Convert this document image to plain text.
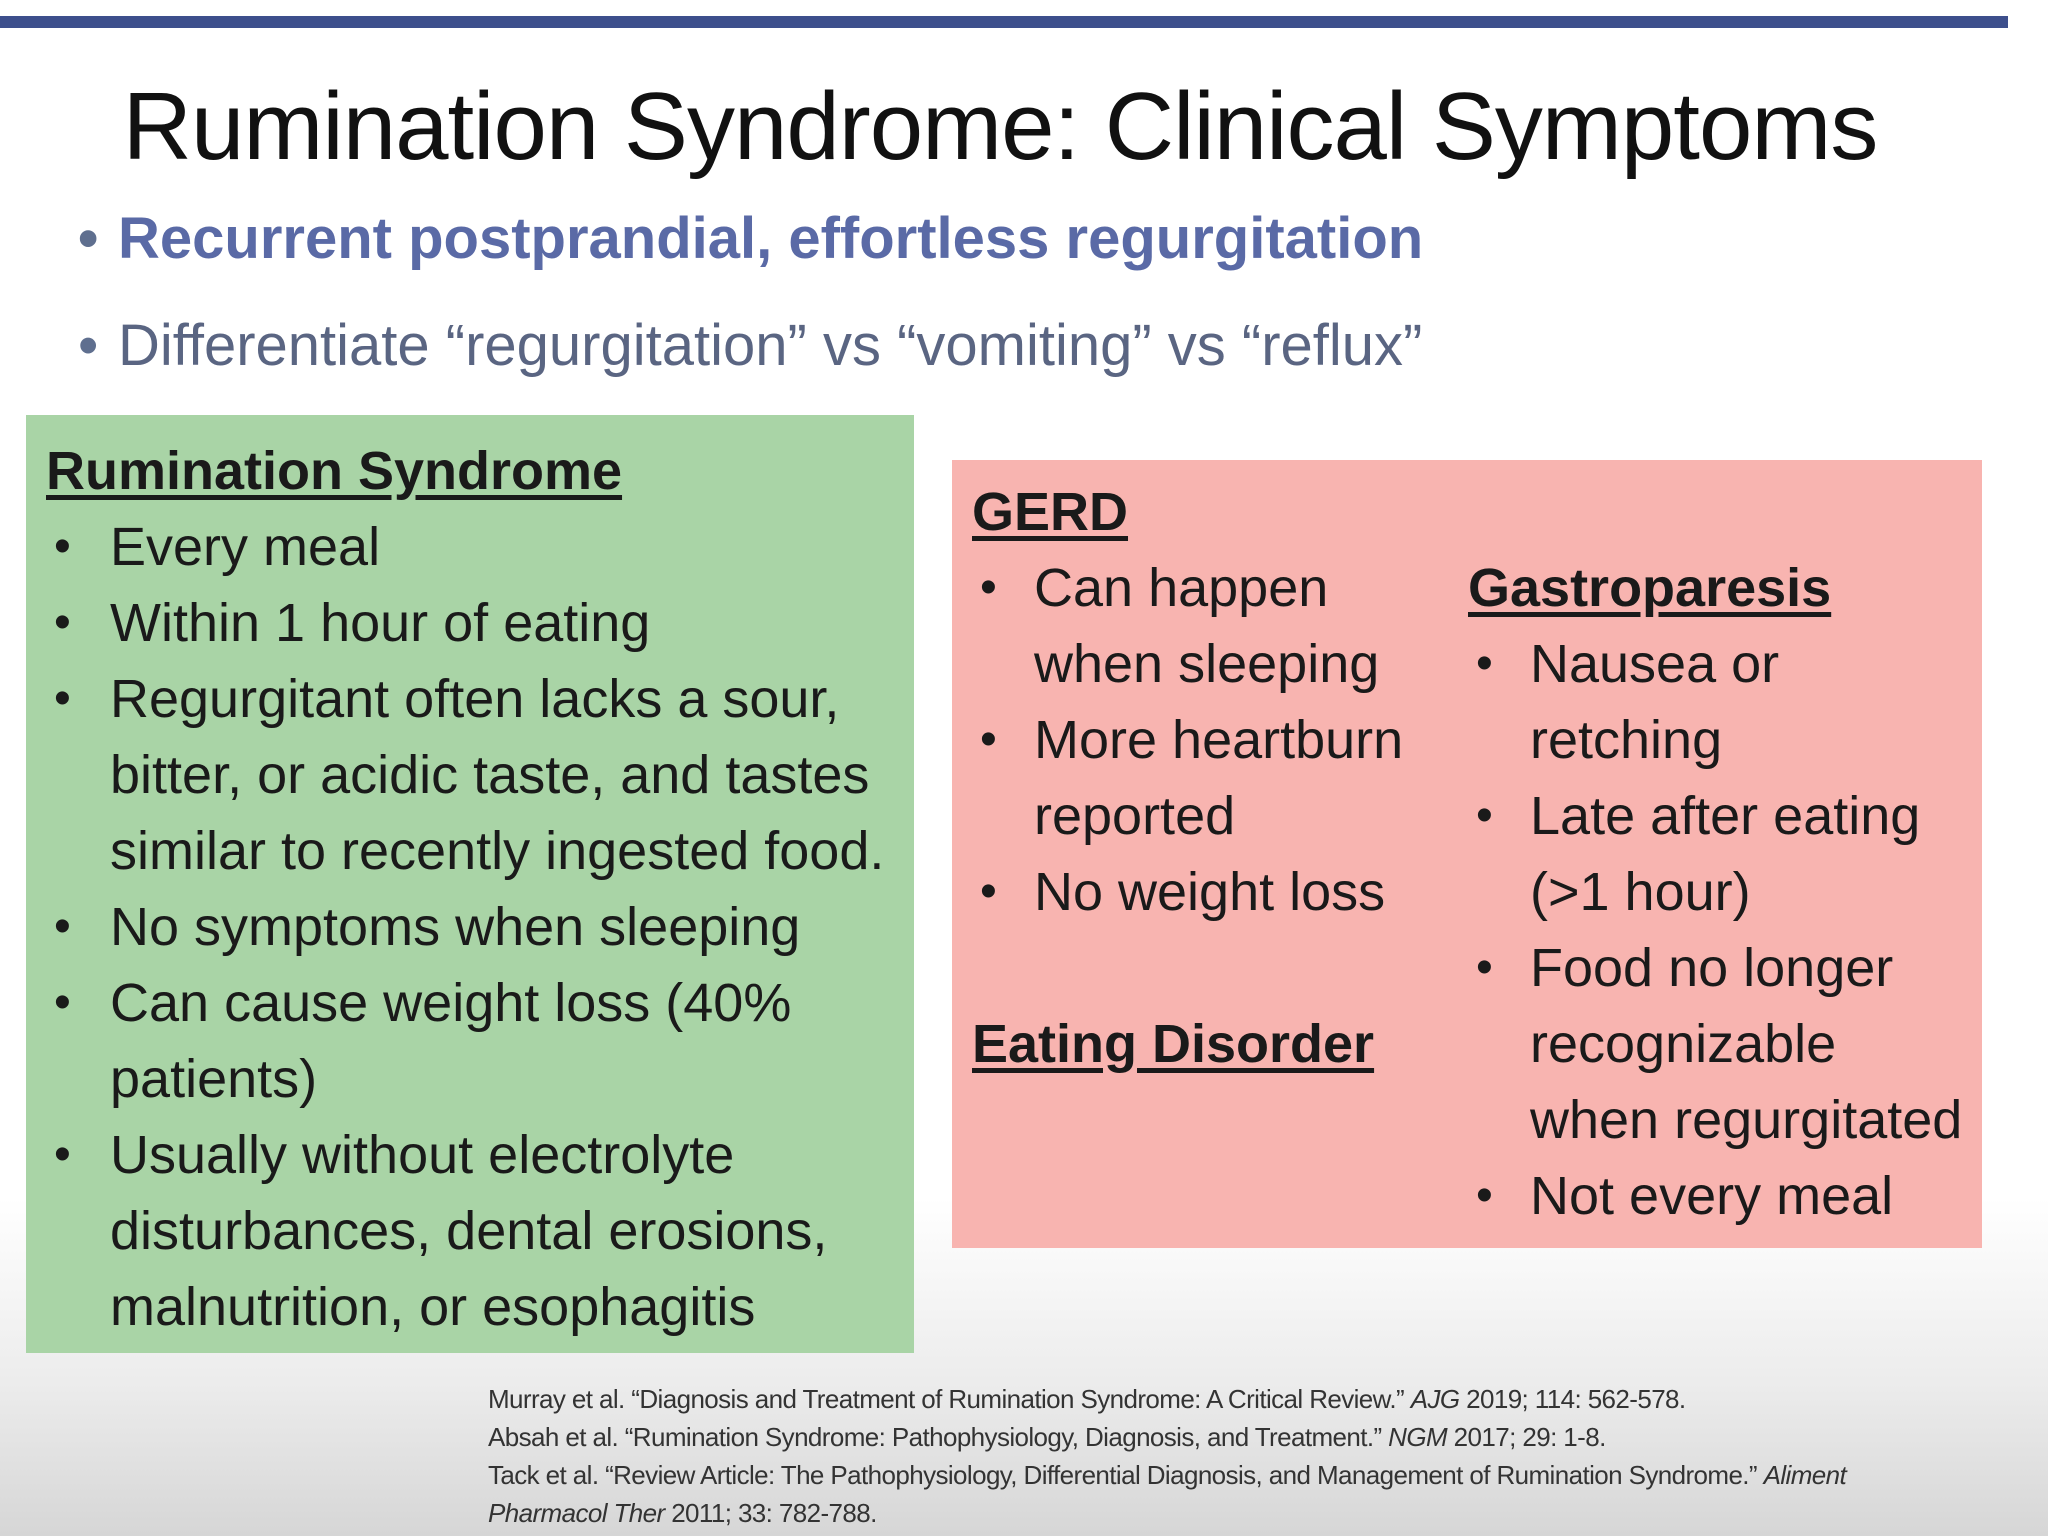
Rumination Syndrome: Clinical Symptoms
• Recurrent postprandial, effortless regurgitation
• Differentiate “regurgitation” vs “vomiting” vs “reflux”
Rumination Syndrome
• Every meal
• Within 1 hour of eating
• Regurgitant often lacks a sour, bitter, or acidic taste, and tastes similar to recently ingested food.
• No symptoms when sleeping
• Can cause weight loss (40% patients)
• Usually without electrolyte disturbances, dental erosions, malnutrition, or esophagitis
GERD
• Can happen when sleeping
• More heartburn reported
• No weight loss
Eating Disorder
Gastroparesis
• Nausea or retching
• Late after eating (>1 hour)
• Food no longer recognizable when regurgitated
• Not every meal
Murray et al. “Diagnosis and Treatment of Rumination Syndrome: A Critical Review.” AJG 2019; 114: 562-578.
Absah et al. “Rumination Syndrome: Pathophysiology, Diagnosis, and Treatment.” NGM 2017; 29: 1-8.
Tack et al. “Review Article: The Pathophysiology, Differential Diagnosis, and Management of Rumination Syndrome.” Aliment Pharmacol Ther 2011; 33: 782-788.
